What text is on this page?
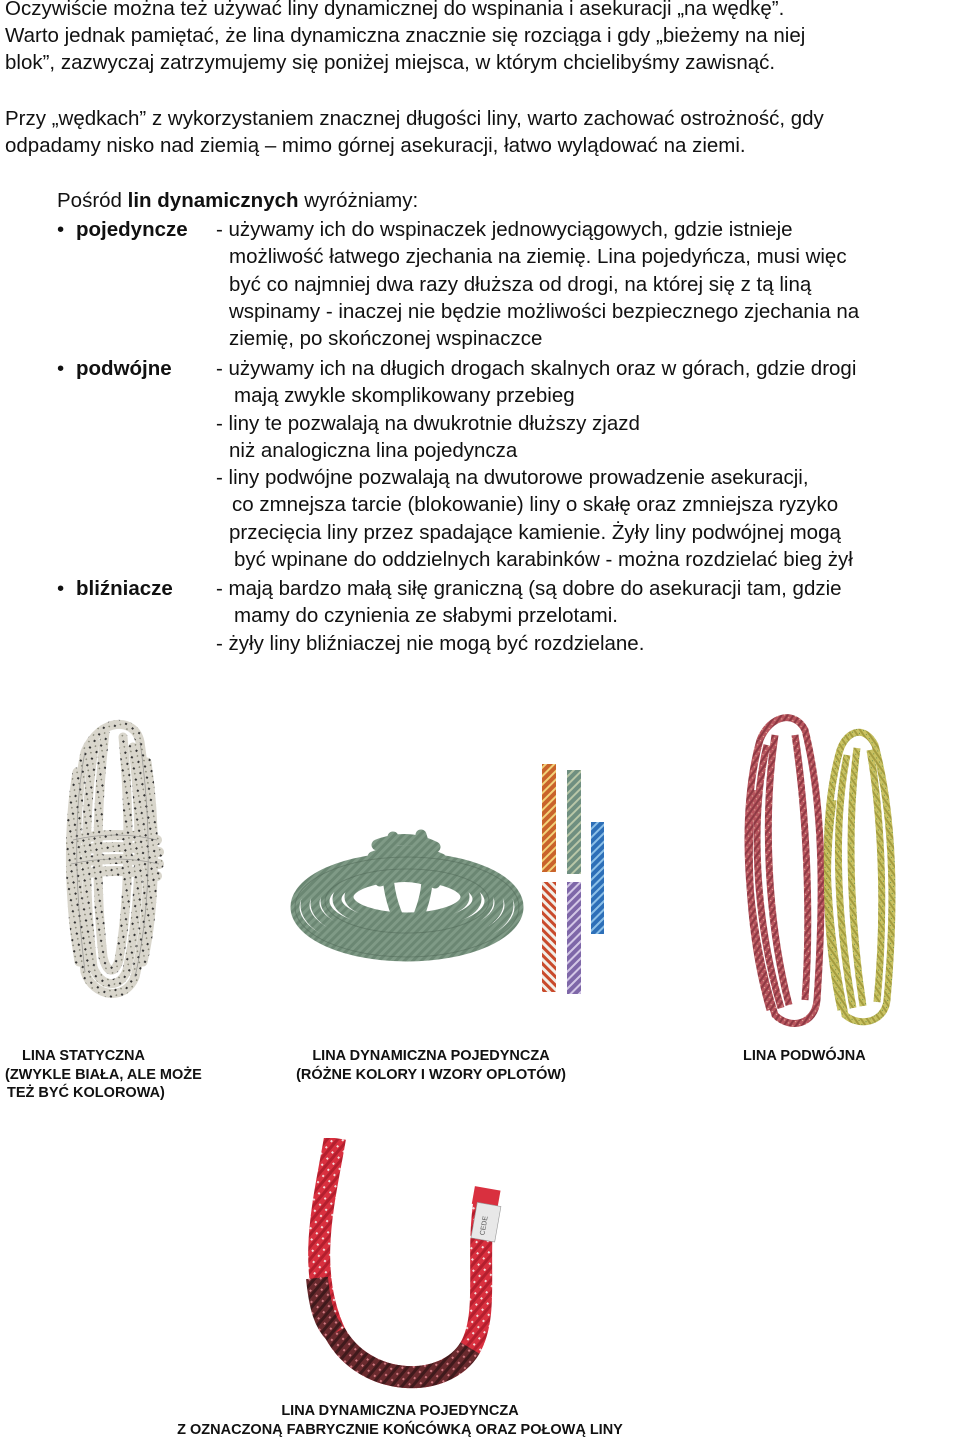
Oczywiście można też używać liny dynamicznej do wspinania i asekuracji „na wędkę”.
Warto jednak pamiętać, że lina dynamiczna znacznie się rozciąga i gdy „bieżemy na niej
blok”, zazwyczaj zatrzymujemy się poniżej miejsca, w którym chcielibyśmy zawisnąć.
Przy „wędkach” z wykorzystaniem znacznej długości liny, warto zachować ostrożność, gdy
odpadamy nisko nad ziemią – mimo górnej asekuracji, łatwo wylądować na ziemi.
Pośród lin dynamicznych wyróżniamy:
• pojedyncze - używamy ich do wspinaczek jednowyciągowych, gdzie istnieje
możliwość łatwego zjechania na ziemię. Lina pojedyńcza, musi więc
być co najmniej dwa razy dłuższa od drogi, na której się z tą liną
wspinamy - inaczej nie będzie możliwości bezpiecznego zjechania na
ziemię, po skończonej wspinaczce
• podwójne - używamy ich na długich drogach skalnych oraz w górach, gdzie drogi
mają zwykle skomplikowany przebieg
- liny te pozwalają na dwukrotnie dłuższy zjazd
niż analogiczna lina pojedyncza
- liny podwójne pozwalają na dwutorowe prowadzenie asekuracji,
co zmnejsza tarcie (blokowanie) liny o skałę oraz zmniejsza ryzyko
przecięcia liny przez spadające kamienie. Żyły liny podwójnej mogą
być wpinane do oddzielnych karabinków - można rozdzielać bieg żył
• bliźniacze - mają bardzo małą siłę graniczną (są dobre do asekuracji tam, gdzie
mamy do czynienia ze słabymi przelotami.
- żyły liny bliźniaczej nie mogą być rozdzielane.
LINA STATYCZNA
(ZWYKLE BIAŁA, ALE MOŻE
TEŻ BYĆ KOLOROWA)
LINA DYNAMICZNA POJEDYNCZA
(RÓŻNE KOLORY I WZORY OPLOTÓW)
LINA PODWÓJNA
CEDE
LINA DYNAMICZNA POJEDYNCZA
Z OZNACZONĄ FABRYCZNIE KOŃCÓWKĄ ORAZ POŁOWĄ LINY
